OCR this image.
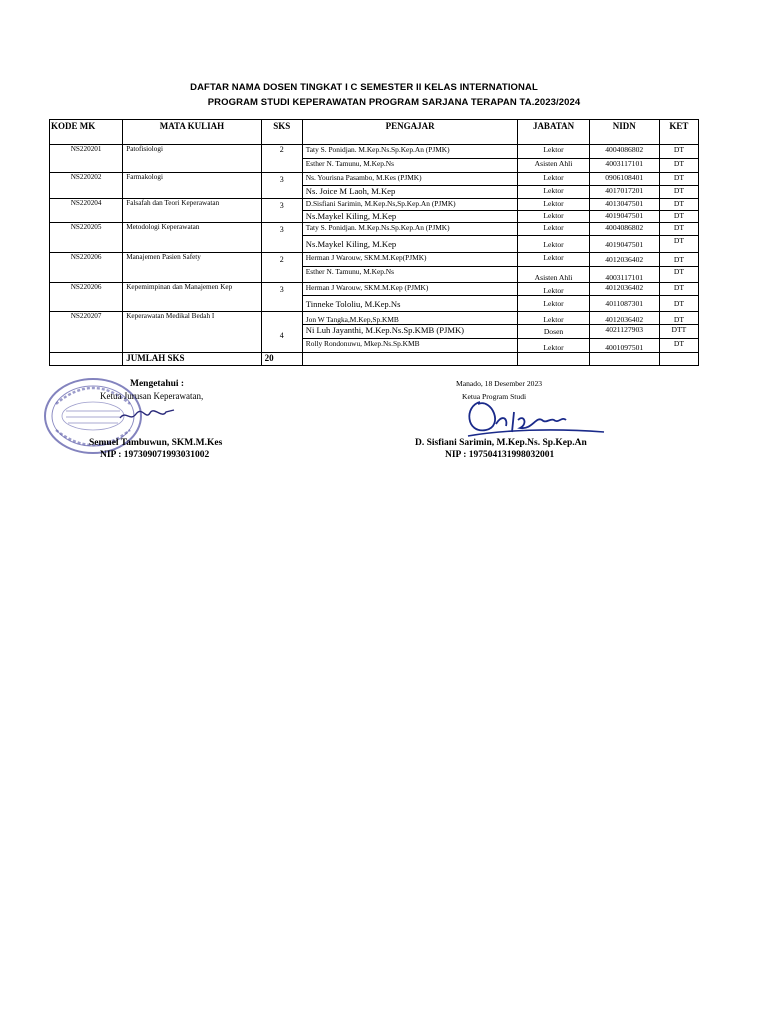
DAFTAR NAMA DOSEN TINGKAT I C SEMESTER II KELAS INTERNATIONAL
PROGRAM STUDI KEPERAWATAN PROGRAM SARJANA TERAPAN TA.2023/2024
KODE MK	MATA KULIAH	SKS	PENGAJAR	JABATAN	NIDN	KET
NS220201	Patofisiologi	2	Taty S. Ponidjan. M.Kep.Ns.Sp.Kep.An (PJMK)	Lektor	4004086802	DT
			Esther N. Tamunu, M.Kep.Ns	Asisten Ahli	4003117101	DT
NS220202	Farmakologi	3	Ns. Yourisna Pasambo, M.Kes (PJMK)	Lektor	0906108401	DT
			Ns. Joice M Laoh, M.Kep	Lektor	4017017201	DT
NS220204	Falsafah dan Teori Keperawatan	3	D.Sisfiani Sarimin, M.Kep.Ns,Sp.Kep.An (PJMK)	Lektor	4013047501	DT
			Ns.Maykel Kiling, M.Kep	Lektor	4019047501	DT
NS220205	Metodologi Keperawatan	3	Taty S. Ponidjan. M.Kep.Ns.Sp.Kep.An (PJMK)	Lektor	4004086802	DT
			Ns.Maykel Kiling, M.Kep	Lektor	4019047501	DT
NS220206	Manajemen Pasien Safety	2	Herman J Warouw, SKM.M.Kep(PJMK)	Lektor	4012036402	DT
			Esther N. Tamunu, M.Kep.Ns	Asisten Ahli	4003117101	DT
NS220206	Kepemimpinan dan Manajemen Kep	3	Herman J Warouw, SKM.M.Kep (PJMK)	Lektor	4012036402	DT
			Tinneke Tololiu, M.Kep.Ns	Lektor	4011087301	DT
NS220207	Keperawatan Medikal Bedah I	4	Jon W Tangka,M.Kep,Sp.KMB	Lektor	4012036402	DT
			Ni Luh Jayanthi, M.Kep.Ns.Sp.KMB (PJMK)	Dosen	4021127903	DTT
			Rolly Rondonuwu, Mkep.Ns.Sp.KMB	Lektor	4001097501	DT
	JUMLAH SKS	20				
Mengetahui :
Ketua Jurusan Keperawatan,
Semuel Tambuwun, SKM.M.Kes
NIP : 197309071993031002
Manado, 18 Desember 2023
Ketua Program Studi
D. Sisfiani Sarimin, M.Kep.Ns. Sp.Kep.An
NIP : 197504131998032001
